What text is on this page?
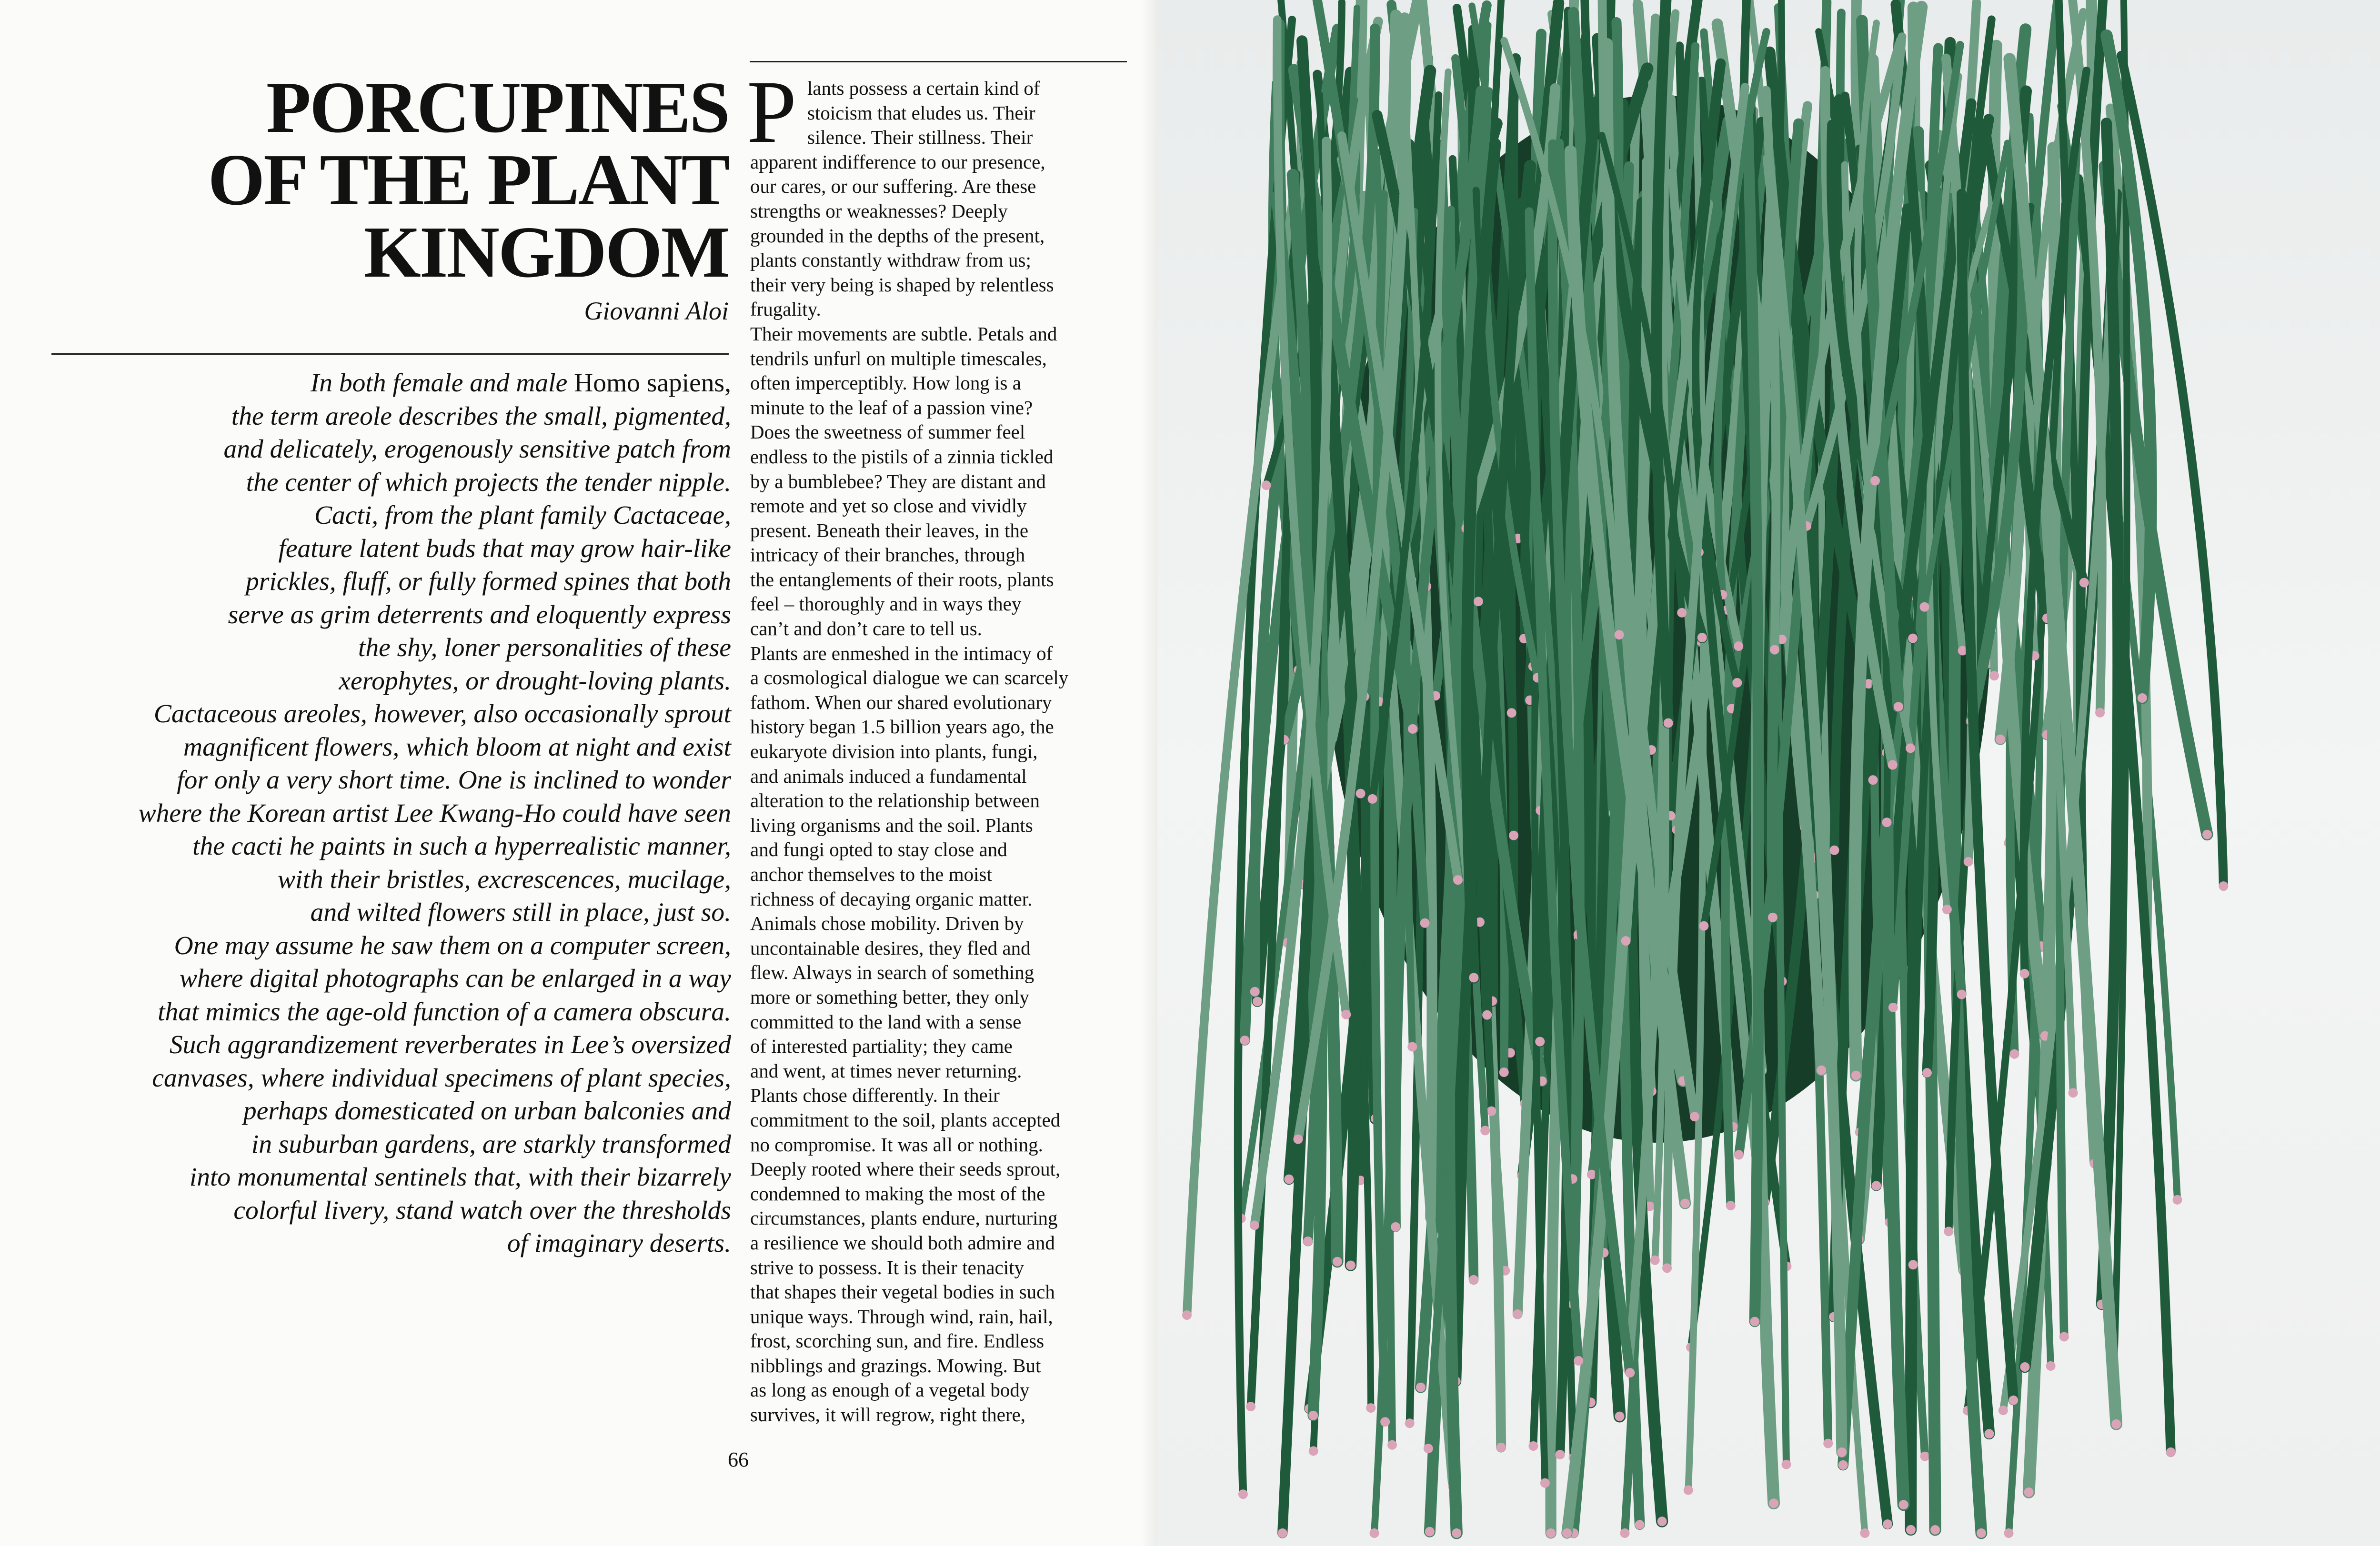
PORCUPINES
OF THE PLANT
KINGDOM
Giovanni Aloi
In both female and male Homo sapiens,
the term areole describes the small, pigmented,
and delicately, erogenously sensitive patch from
the center of which projects the tender nipple.
Cacti, from the plant family Cactaceae,
feature latent buds that may grow hair-like
prickles, fluff, or fully formed spines that both
serve as grim deterrents and eloquently express
the shy, loner personalities of these
xerophytes, or drought-loving plants.
Cactaceous areoles, however, also occasionally sprout
magnificent flowers, which bloom at night and exist
for only a very short time. One is inclined to wonder
where the Korean artist Lee Kwang-Ho could have seen
the cacti he paints in such a hyperrealistic manner,
with their bristles, excrescences, mucilage,
and wilted flowers still in place, just so.
One may assume he saw them on a computer screen,
where digital photographs can be enlarged in a way
that mimics the age-old function of a camera obscura.
Such aggrandizement reverberates in Lee’s oversized
canvases, where individual specimens of plant species,
perhaps domesticated on urban balconies and
in suburban gardens, are starkly transformed
into monumental sentinels that, with their bizarrely
colorful livery, stand watch over the thresholds
of imaginary deserts.
P lants possess a certain kind of
stoicism that eludes us. Their
silence. Their stillness. Their
apparent indifference to our presence,
our cares, or our suffering. Are these
strengths or weaknesses? Deeply
grounded in the depths of the present,
plants constantly withdraw from us;
their very being is shaped by relentless
frugality.
Their movements are subtle. Petals and
tendrils unfurl on multiple timescales,
often imperceptibly. How long is a
minute to the leaf of a passion vine?
Does the sweetness of summer feel
endless to the pistils of a zinnia tickled
by a bumblebee? They are distant and
remote and yet so close and vividly
present. Beneath their leaves, in the
intricacy of their branches, through
the entanglements of their roots, plants
feel – thoroughly and in ways they
can’t and don’t care to tell us.
Plants are enmeshed in the intimacy of
a cosmological dialogue we can scarcely
fathom. When our shared evolutionary
history began 1.5 billion years ago, the
eukaryote division into plants, fungi,
and animals induced a fundamental
alteration to the relationship between
living organisms and the soil. Plants
and fungi opted to stay close and
anchor themselves to the moist
richness of decaying organic matter.
Animals chose mobility. Driven by
uncontainable desires, they fled and
flew. Always in search of something
more or something better, they only
committed to the land with a sense
of interested partiality; they came
and went, at times never returning.
Plants chose differently. In their
commitment to the soil, plants accepted
no compromise. It was all or nothing.
Deeply rooted where their seeds sprout,
condemned to making the most of the
circumstances, plants endure, nurturing
a resilience we should both admire and
strive to possess. It is their tenacity
that shapes their vegetal bodies in such
unique ways. Through wind, rain, hail,
frost, scorching sun, and fire. Endless
nibblings and grazings. Mowing. But
as long as enough of a vegetal body
survives, it will regrow, right there,
66
